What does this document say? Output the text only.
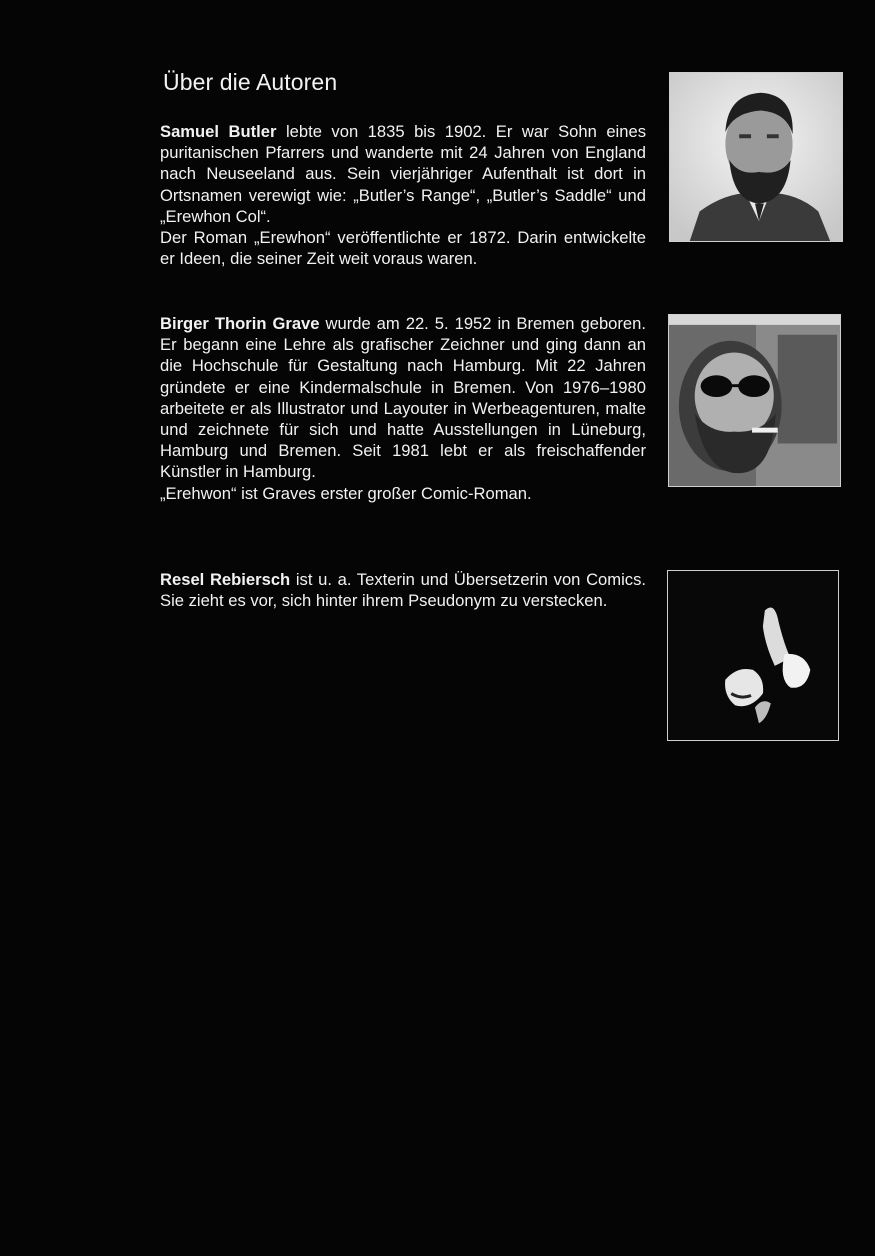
Über die Autoren

Samuel Butler lebte von 1835 bis 1902. Er war Sohn eines puritanischen Pfarrers und wanderte mit 24 Jahren von England nach Neuseeland aus. Sein vierjähriger Aufenthalt ist dort in Ortsnamen verewigt wie: „Butler’s Range“, „Butler’s Saddle“ und „Erewhon Col“.
Der Roman „Erewhon“ veröffentlichte er 1872. Darin entwickelte er Ideen, die seiner Zeit weit voraus waren.

Birger Thorin Grave wurde am 22. 5. 1952 in Bremen geboren. Er begann eine Lehre als grafischer Zeichner und ging dann an die Hochschule für Gestaltung nach Hamburg. Mit 22 Jahren gründete er eine Kindermalschule in Bremen. Von 1976–1980 arbeitete er als Illustrator und Layouter in Werbeagenturen, malte und zeichnete für sich und hatte Ausstellungen in Lüneburg, Hamburg und Bremen. Seit 1981 lebt er als freischaffender Künstler in Hamburg.
„Erehwon“ ist Graves erster großer Comic-Roman.

Resel Rebiersch ist u. a. Texterin und Übersetzerin von Comics. Sie zieht es vor, sich hinter ihrem Pseudonym zu verstecken.
